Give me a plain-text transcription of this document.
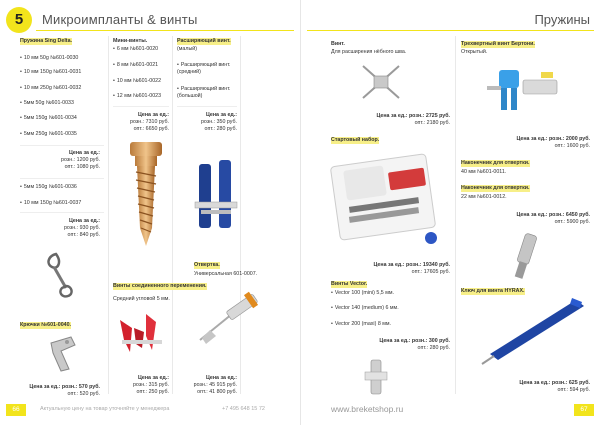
5	Микроимпланты & винты
Пружина Sing Delta.
• 10 мм 50g №601-0030
• 10 мм 150g №601-0031
• 10 мм 250g №601-0032
• 5мм 50g №601-0033
• 5мм 150g №601-0034
• 5мм 250g №601-0035
Цена за ед.:
розн.: 1200 руб.
опт.: 1080 руб.
• 5мм 150g №601-0036
• 10 мм 150g №601-0037
Цена за ед.:
розн.: 930 руб.
опт.: 840 руб.
Крючки №601-0040.
Цена за ед.: розн.: 570 руб.
опт.: 520 руб.
Мини-винты.
• 6 мм №601-0020
• 8 мм №601-0021
• 10 мм №601-0022
• 12 мм №601-0023
Цена за ед.:
розн.: 7310 руб.
опт.: 6650 руб.
Винты соединенного переменения.
Средний угловой 5 мм.
Цена за ед.:
розн.: 315 руб.
опт.: 250 руб.
Расширяющий винт.
(малый)
• Расширяющий винт. (средний)
• Расширяющий винт. (большой)
Цена за ед.:
розн.: 350 руб.
опт.: 280 руб.
Отвертка.
Универсальная 601-0007.
Цена за ед.:
розн.: 45 915 руб.
опт.: 41 800 руб.
66	Актуальную цену на товар уточняйте у менеджера	+7 495 648 15 72
Пружины
Винт.
Для расширения нёбного шва.
Цена за ед.: розн.: 2725 руб.
опт.: 2180 руб.
Стартовый набор.
Цена за ед.: розн.: 19340 руб.
опт.: 17605 руб.
Винты Vector.
• Vector 100 (mini) 5,5 мм.
• Vector 140 (medium) 6 мм.
• Vector 200 (maxi) 8 мм.
Цена за ед.: розн.: 300 руб.
опт.: 280 руб.
Трехвертный винт Бертони.
Открытый.
Цена за ед.: розн.: 2000 руб.
опт.: 1600 руб.
Наконечник для отвертки.
40 мм №601-0011.
Наконечник для отвертки.
22 мм №601-0012.
Цена за ед.: розн.: 6450 руб.
опт.: 5900 руб.
Ключ для винта HYRAX.
Цена за ед.: розн.: 625 руб.
опт.: 594 руб.
www.breketshop.ru	67
